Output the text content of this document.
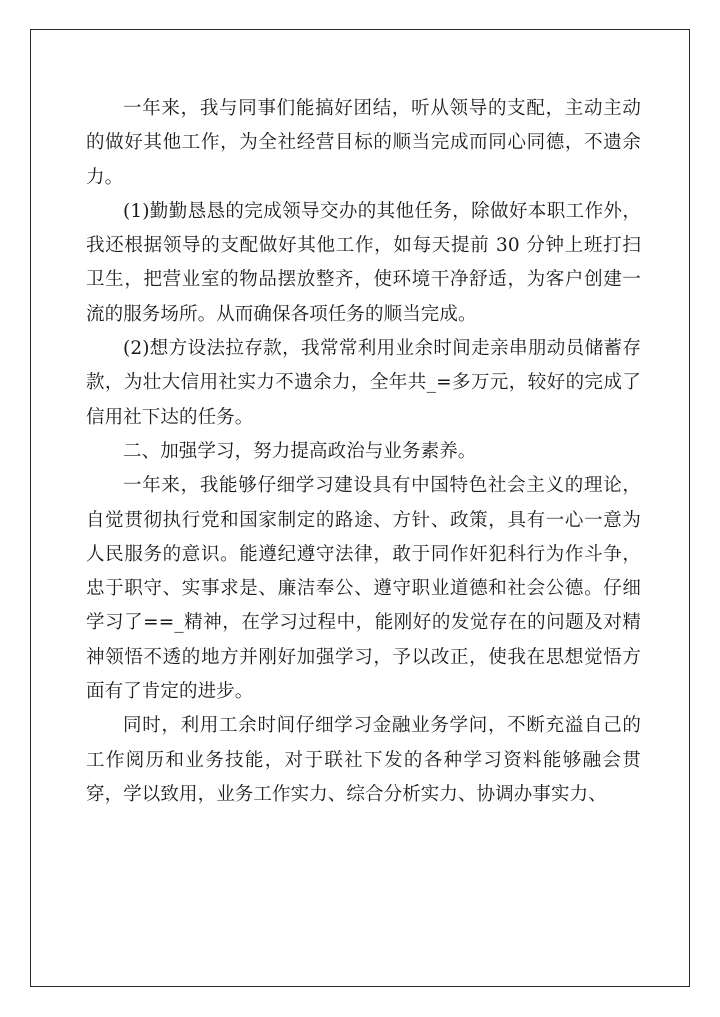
一年来，我与同事们能搞好团结，听从领导的支配，主动主动的做好其他工作，为全社经营目标的顺当完成而同心同德，不遗余力。

(1)勤勤恳恳的完成领导交办的其他任务，除做好本职工作外，我还根据领导的支配做好其他工作，如每天提前 30 分钟上班打扫卫生，把营业室的物品摆放整齐，使环境干净舒适，为客户创建一流的服务场所。从而确保各项任务的顺当完成。

(2)想方设法拉存款，我常常利用业余时间走亲串朋动员储蓄存款，为壮大信用社实力不遗余力，全年共_=多万元，较好的完成了信用社下达的任务。

二、加强学习，努力提高政治与业务素养。

一年来，我能够仔细学习建设具有中国特色社会主义的理论，自觉贯彻执行党和国家制定的路途、方针、政策，具有一心一意为人民服务的意识。能遵纪遵守法律，敢于同作奸犯科行为作斗争，忠于职守、实事求是、廉洁奉公、遵守职业道德和社会公德。仔细学习了==_精神，在学习过程中，能刚好的发觉存在的问题及对精神领悟不透的地方并刚好加强学习，予以改正，使我在思想觉悟方面有了肯定的进步。

同时，利用工余时间仔细学习金融业务学问，不断充溢自己的工作阅历和业务技能，对于联社下发的各种学习资料能够融会贯穿，学以致用，业务工作实力、综合分析实力、协调办事实力、
